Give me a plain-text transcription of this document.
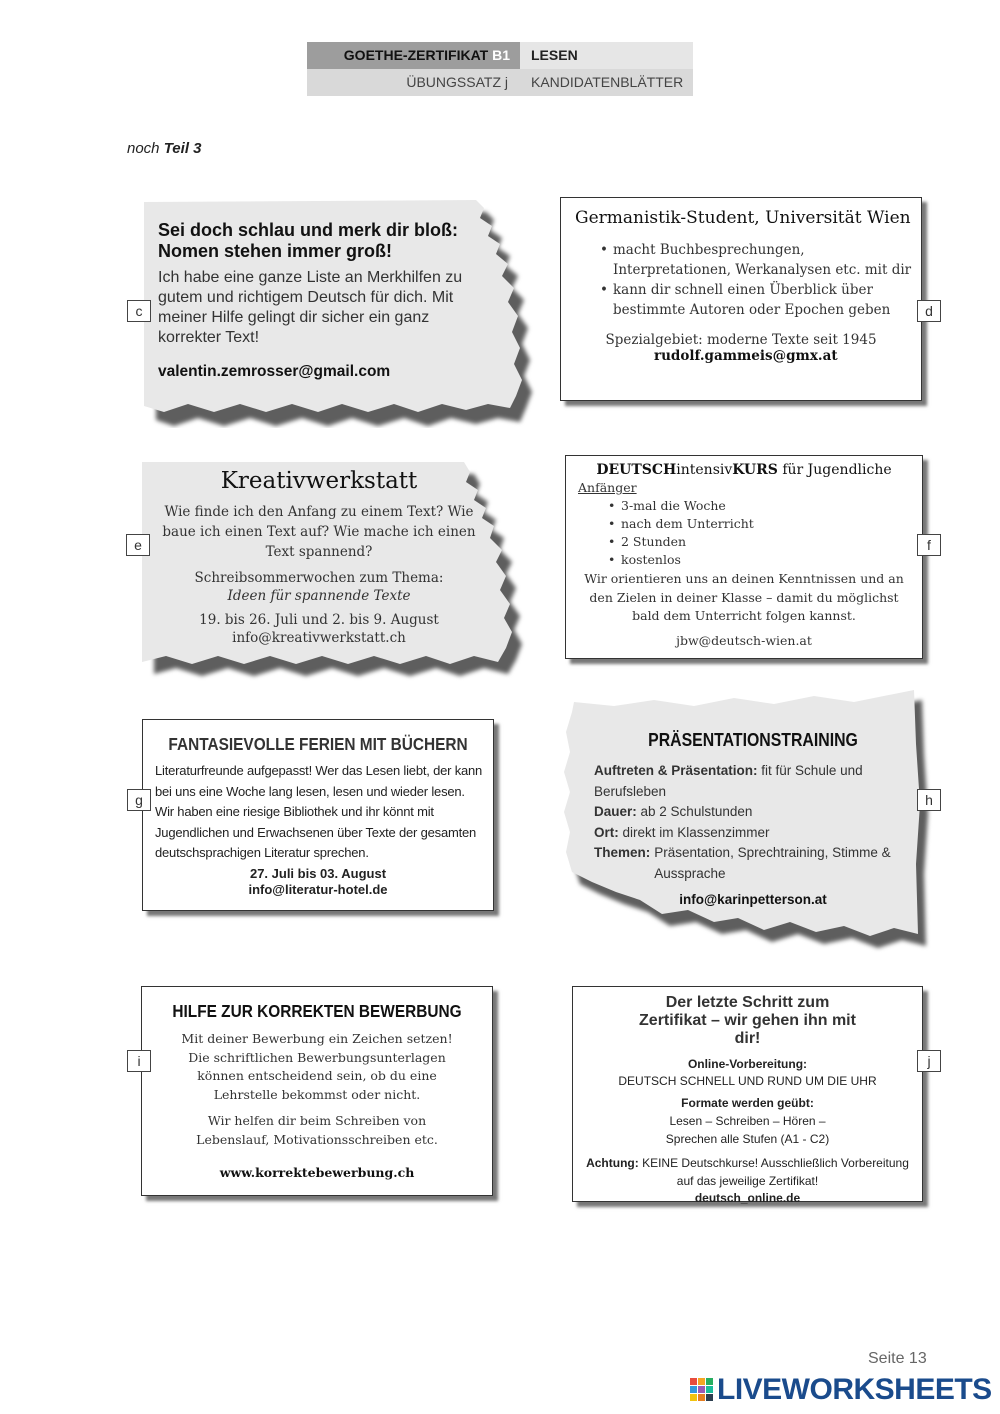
GOETHE-ZERTIFIKAT B1	LESEN
ÜBUNGSSATZ j	KANDIDATENBLÄTTER
noch Teil 3
Sei doch schlau und merk dir bloß: Nomen stehen immer groß!
Ich habe eine ganze Liste an Merkhilfen zu gutem und richtigem Deutsch für dich. Mit meiner Hilfe gelingt dir sicher ein ganz korrekter Text!
valentin.zemrosser@gmail.com
c
Germanistik-Student, Universität Wien
• macht Buchbesprechungen, Interpretationen, Werkanalysen etc. mit dir
• kann dir schnell einen Überblick über bestimmte Autoren oder Epochen geben
Spezialgebiet: moderne Texte seit 1945
rudolf.gammeis@gmx.at
d
Kreativwerkstatt
Wie finde ich den Anfang zu einem Text? Wie baue ich einen Text auf? Wie mache ich einen Text spannend?
Schreibsommerwochen zum Thema:
Ideen für spannende Texte
19. bis 26. Juli und 2. bis 9. August
info@kreativwerkstatt.ch
e
DEUTSCHintensivKURS für Jugendliche
Anfänger
• 3-mal die Woche
• nach dem Unterricht
• 2 Stunden
• kostenlos
Wir orientieren uns an deinen Kenntnissen und an den Zielen in deiner Klasse – damit du möglichst bald dem Unterricht folgen kannst.
jbw@deutsch-wien.at
f
FANTASIEVOLLE FERIEN MIT BÜCHERN
Literaturfreunde aufgepasst! Wer das Lesen liebt, der kann bei uns eine Woche lang lesen, lesen und wieder lesen. Wir haben eine riesige Bibliothek und ihr könnt mit Jugendlichen und Erwachsenen über Texte der gesamten deutschsprachigen Literatur sprechen.
27. Juli bis 03. August
info@literatur-hotel.de
g
PRÄSENTATIONSTRAINING
Auftreten & Präsentation: fit für Schule und Berufsleben
Dauer: ab 2 Schulstunden
Ort: direkt im Klassenzimmer
Themen: Präsentation, Sprechtraining, Stimme & Aussprache
info@karinpetterson.at
h
HILFE ZUR KORREKTEN BEWERBUNG
Mit deiner Bewerbung ein Zeichen setzen! Die schriftlichen Bewerbungsunterlagen können entscheidend sein, ob du eine Lehrstelle bekommst oder nicht.
Wir helfen dir beim Schreiben von Lebenslauf, Motivationsschreiben etc.
www.korrektebewerbung.ch
i
Der letzte Schritt zum Zertifikat – wir gehen ihn mit dir!
Online-Vorbereitung:
DEUTSCH SCHNELL UND RUND UM DIE UHR
Formate werden geübt:
Lesen – Schreiben – Hören – Sprechen alle Stufen (A1 - C2)
Achtung: KEINE Deutschkurse! Ausschließlich Vorbereitung auf das jeweilige Zertifikat!
deutsch_online.de
j
Seite 13
LIVEWORKSHEETS
